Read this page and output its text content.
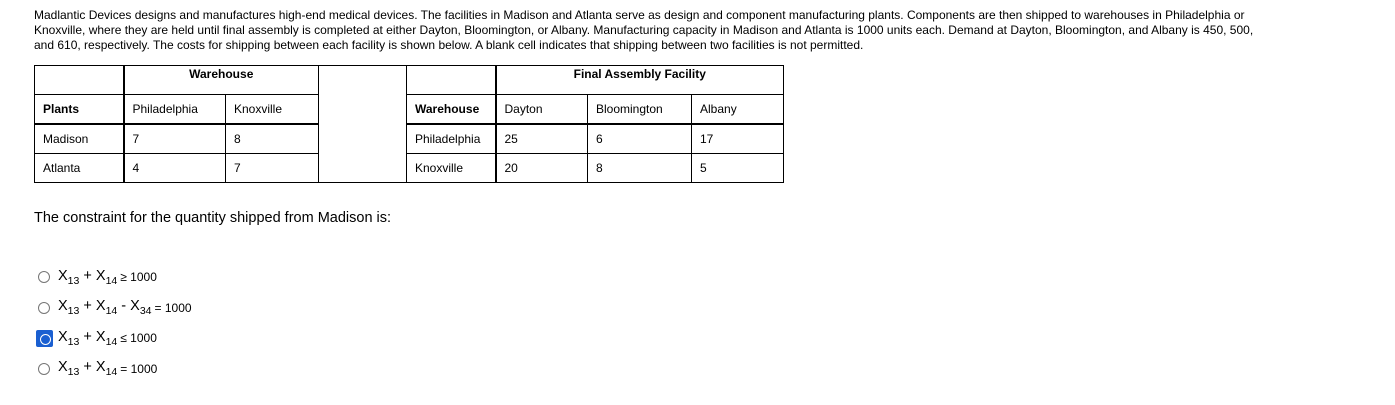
Madlantic Devices designs and manufactures high-end medical devices. The facilities in Madison and Atlanta serve as design and component manufacturing plants. Components are then shipped to warehouses in Philadelphia or Knoxville, where they are held until final assembly is completed at either Dayton, Bloomington, or Albany. Manufacturing capacity in Madison and Atlanta is 1000 units each. Demand at Dayton, Bloomington, and Albany is 450, 500, and 610, respectively. The costs for shipping between each facility is shown below. A blank cell indicates that shipping between two facilities is not permitted.

	Warehouse				Final Assembly Facility		
Plants	Philadelphia	Knoxville		Warehouse	Dayton	Bloomington	Albany
Madison	7	8		Philadelphia	25	6	17
Atlanta	4	7		Knoxville	20	8	5

The constraint for the quantity shipped from Madison is:

$X_{13} + X_{14} \ge 1000$
$X_{13} + X_{14} - X_{34} = 1000$
$X_{13} + X_{14} \le 1000$
$X_{13} + X_{14} = 1000$
